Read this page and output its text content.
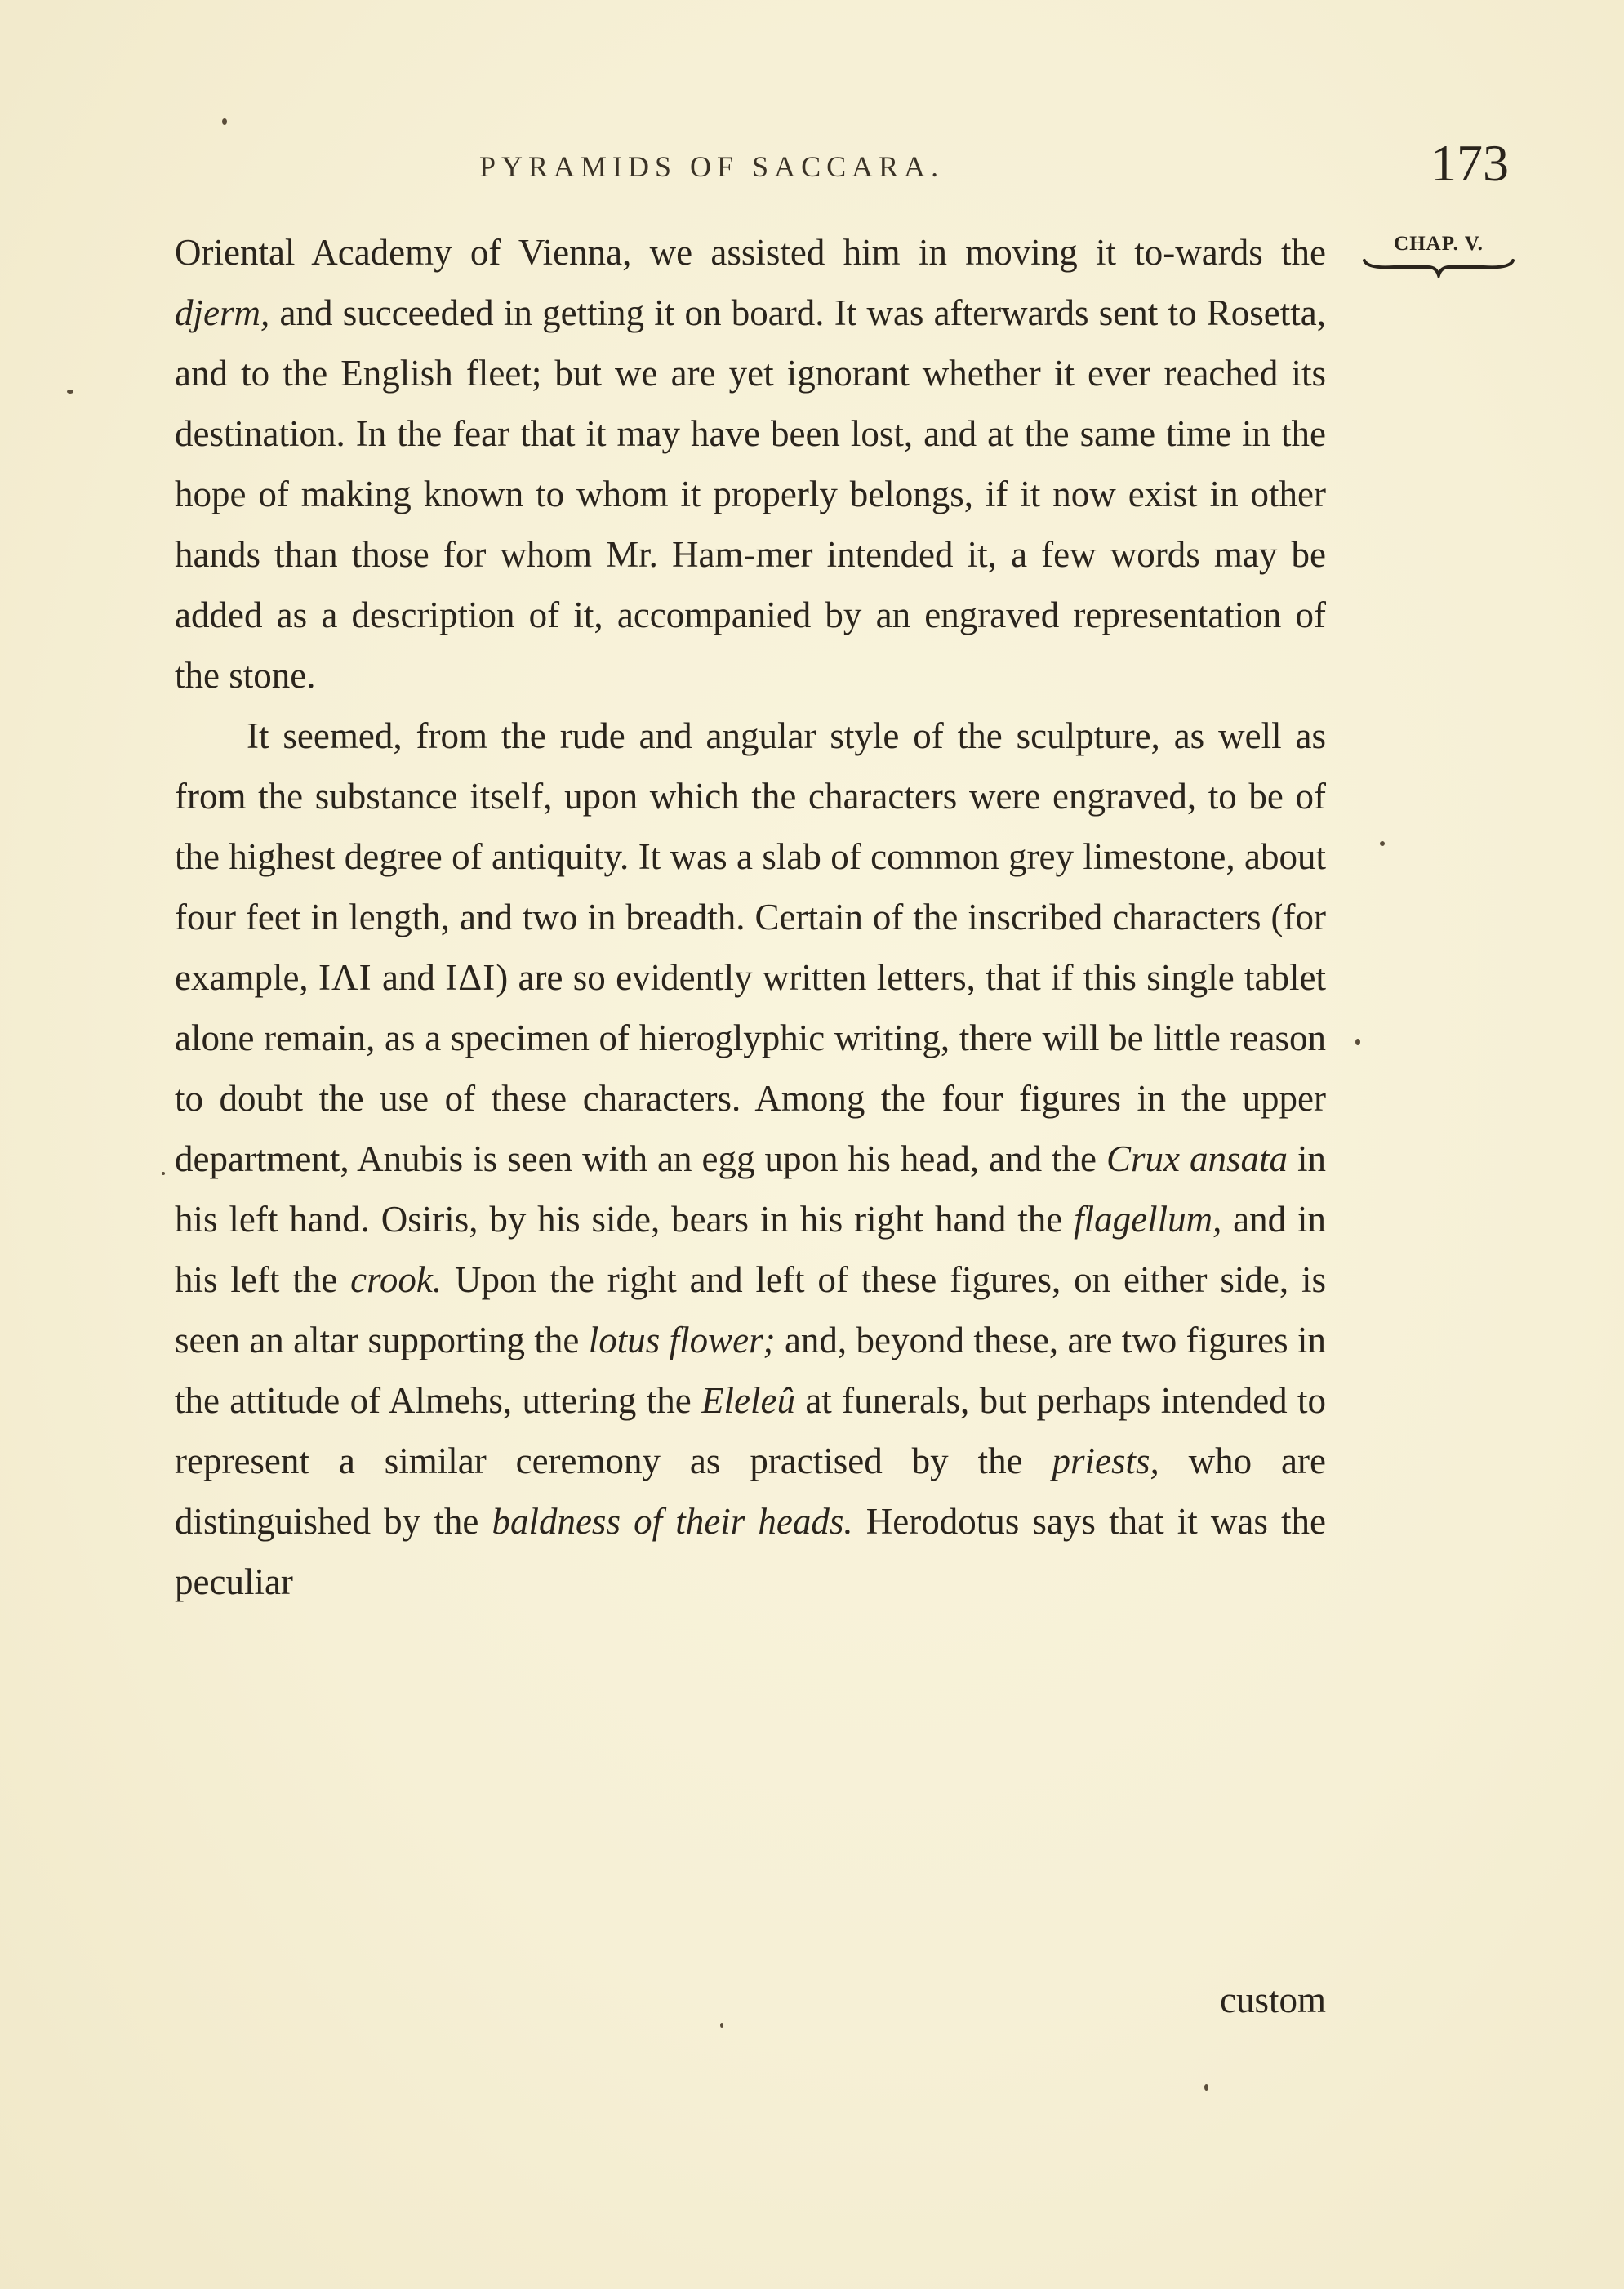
PYRAMIDS OF SACCARA.	173
CHAP. V.

Oriental Academy of Vienna, we assisted him in moving it to-wards the djerm, and succeeded in getting it on board. It was afterwards sent to Rosetta, and to the English fleet; but we are yet ignorant whether it ever reached its destination. In the fear that it may have been lost, and at the same time in the hope of making known to whom it properly belongs, if it now exist in other hands than those for whom Mr. Ham-mer intended it, a few words may be added as a description of it, accompanied by an engraved representation of the stone.

It seemed, from the rude and angular style of the sculpture, as well as from the substance itself, upon which the characters were engraved, to be of the highest degree of antiquity. It was a slab of common grey limestone, about four feet in length, and two in breadth. Certain of the inscribed characters (for example, ΙΛΙ and ΙΔΙ) are so evidently written letters, that if this single tablet alone remain, as a specimen of hieroglyphic writing, there will be little reason to doubt the use of these characters. Among the four figures in the upper department, Anubis is seen with an egg upon his head, and the Crux ansata in his left hand. Osiris, by his side, bears in his right hand the flagellum, and in his left the crook. Upon the right and left of these figures, on either side, is seen an altar supporting the lotus flower; and, beyond these, are two figures in the attitude of Almehs, uttering the Eleleû at funerals, but perhaps intended to represent a similar ceremony as practised by the priests, who are distinguished by the baldness of their heads. Herodotus says that it was the peculiar

custom
